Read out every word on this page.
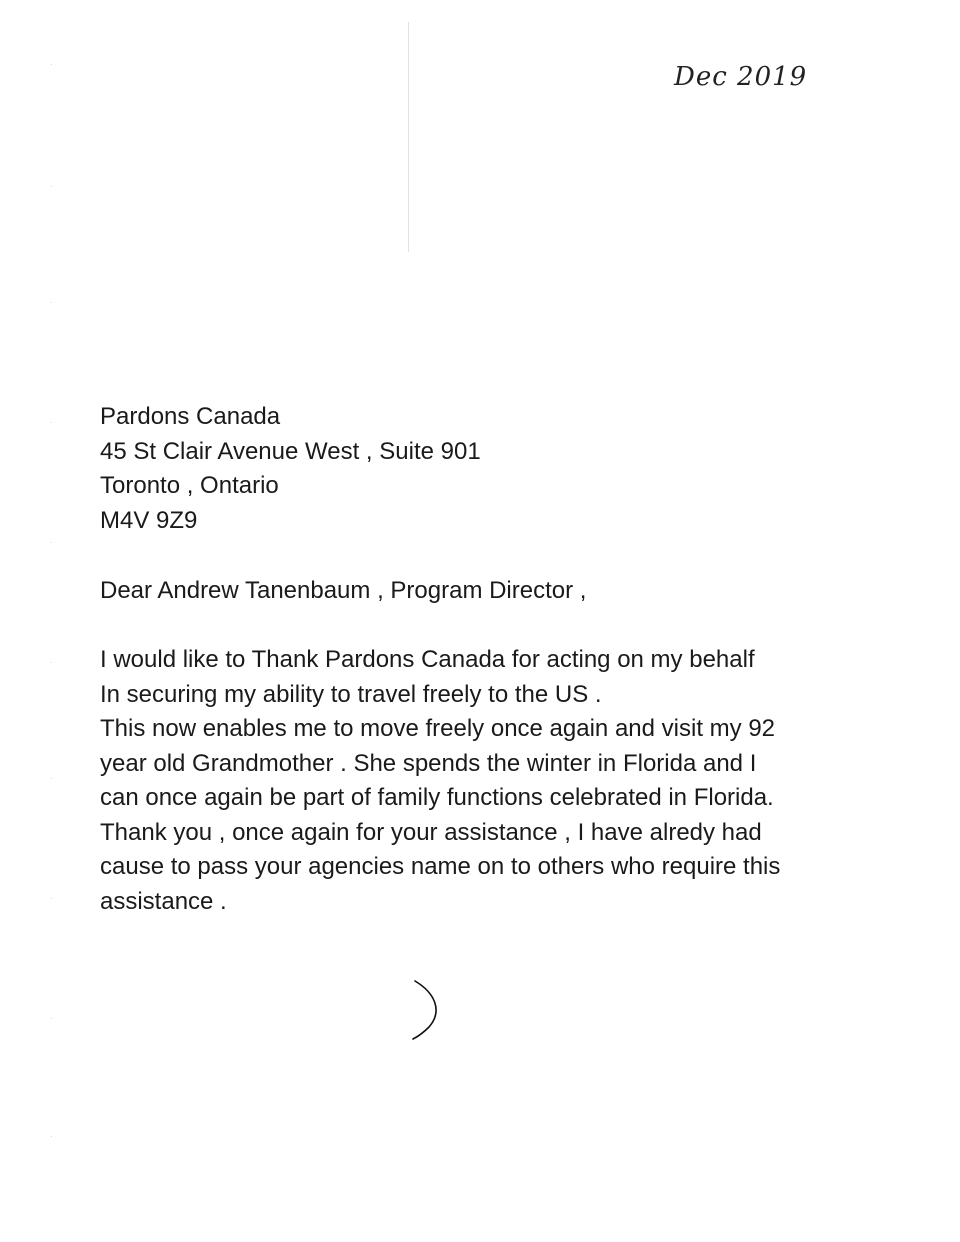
·
·
·
·
·
·
·
·
·
·
Dec 2019
Pardons Canada
45 St Clair Avenue West , Suite 901
Toronto , Ontario
M4V 9Z9
Dear Andrew Tanenbaum , Program Director ,
I would like to Thank Pardons Canada for acting on my behalf
In securing my ability to travel freely to the US .
This now enables me to move freely once again and visit my 92
year old Grandmother . She spends the winter in Florida and I
can once again be part of family functions celebrated in Florida.
Thank you , once again for your assistance , I have alredy had
cause to pass your agencies name on to others who require this
assistance .
